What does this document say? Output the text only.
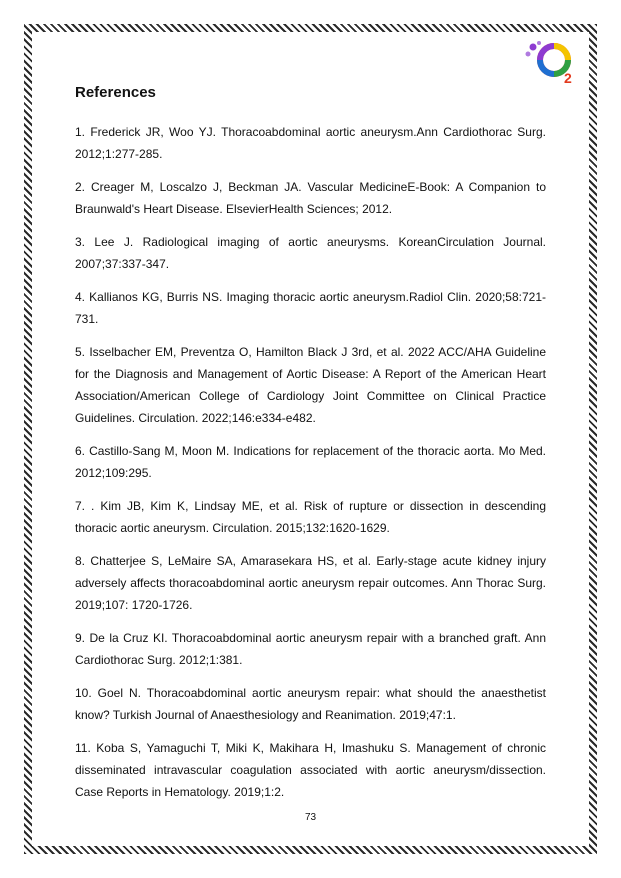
2
References
1. Frederick JR, Woo YJ. Thoracoabdominal aortic aneurysm.Ann Cardiothorac Surg. 2012;1:277-285.
2. Creager M, Loscalzo J, Beckman JA. Vascular MedicineE-Book: A Companion to Braunwald's Heart Disease. ElsevierHealth Sciences; 2012.
3. Lee J. Radiological imaging of aortic aneurysms. KoreanCirculation Journal. 2007;37:337-347.
4. Kallianos KG, Burris NS. Imaging thoracic aortic aneurysm.Radiol Clin. 2020;58:721-731.
5. Isselbacher EM, Preventza O, Hamilton Black J 3rd, et al. 2022 ACC/AHA Guideline for the Diagnosis and Management of Aortic Disease: A Report of the American Heart Association/American College of Cardiology Joint Committee on Clinical Practice Guidelines. Circulation. 2022;146:e334-e482.
6. Castillo-Sang M, Moon M. Indications for replacement of the thoracic aorta. Mo Med. 2012;109:295.
7. . Kim JB, Kim K, Lindsay ME, et al. Risk of rupture or dissection in descending thoracic aortic aneurysm. Circulation. 2015;132:1620-1629.
8. Chatterjee S, LeMaire SA, Amarasekara HS, et al. Early-stage acute kidney injury adversely affects thoracoabdominal aortic aneurysm repair outcomes. Ann Thorac Surg. 2019;107: 1720-1726.
9. De la Cruz KI. Thoracoabdominal aortic aneurysm repair with a branched graft. Ann Cardiothorac Surg. 2012;1:381.
10. Goel N. Thoracoabdominal aortic aneurysm repair: what should the anaesthetist know? Turkish Journal of Anaesthesiology and Reanimation. 2019;47:1.
11. Koba S, Yamaguchi T, Miki K, Makihara H, Imashuku S. Management of chronic disseminated intravascular coagulation associated with aortic aneurysm/dissection. Case Reports in Hematology. 2019;1:2.
73
